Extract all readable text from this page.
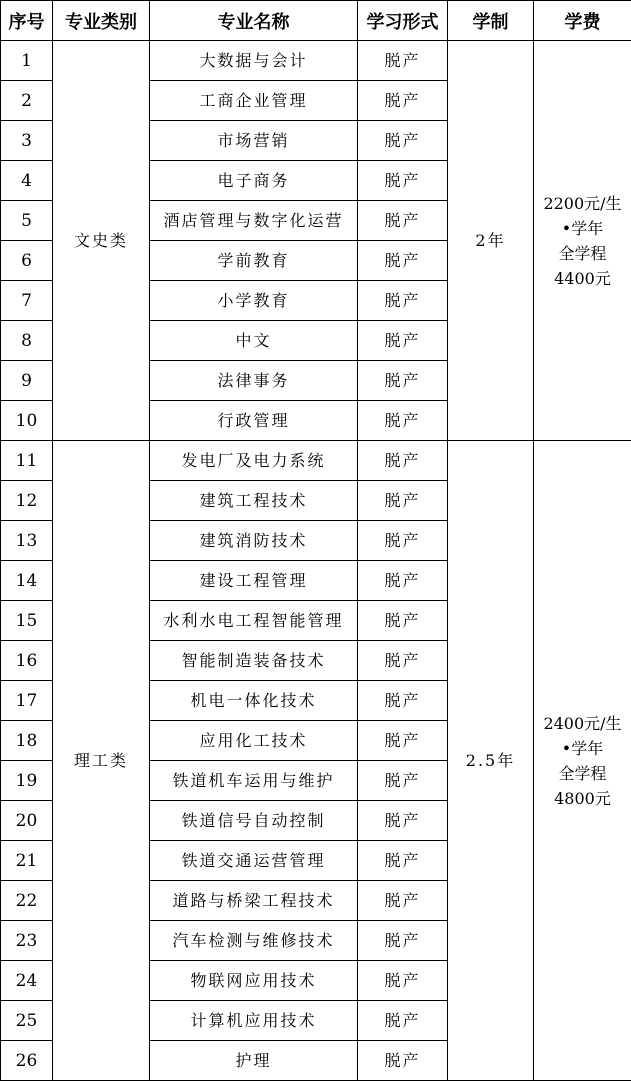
序号	专业类别	专业名称	学习形式	学制	学费
1	文史类	大数据与会计	脱产	2年	2200元/生
•学年
全学程
4400元

2		工商企业管理	脱产		
3		市场营销	脱产		
4		电子商务	脱产		
5		酒店管理与数字化运营	脱产		
6		学前教育	脱产		
7		小学教育	脱产		
8		中文	脱产		
9		法律事务	脱产		
10		行政管理	脱产		
11	理工类	发电厂及电力系统	脱产	2.5年	2400元/生
•学年
全学程
4800元

12		建筑工程技术	脱产		
13		建筑消防技术	脱产		
14		建设工程管理	脱产		
15		水利水电工程智能管理	脱产		
16		智能制造装备技术	脱产		
17		机电一体化技术	脱产		
18		应用化工技术	脱产		
19		铁道机车运用与维护	脱产		
20		铁道信号自动控制	脱产		
21		铁道交通运营管理	脱产		
22		道路与桥梁工程技术	脱产		
23		汽车检测与维修技术	脱产		
24		物联网应用技术	脱产		
25		计算机应用技术	脱产		
26		护理	脱产		
